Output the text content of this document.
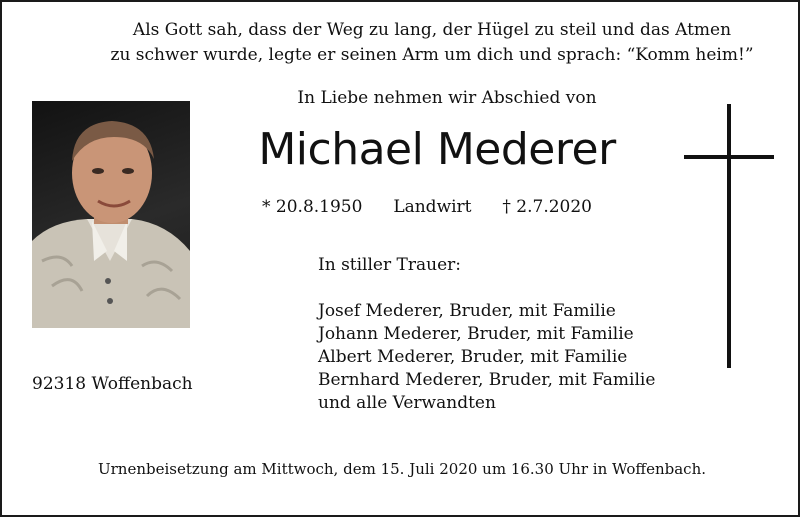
Als Gott sah, dass der Weg zu lang, der Hügel zu steil und das Atmen
zu schwer wurde, legte er seinen Arm um dich und sprach: “Komm heim!”
In Liebe nehmen wir Abschied von
Michael Mederer
* 20.8.1950 Landwirt † 2.7.2020
92318 Woffenbach
In stiller Trauer:
Josef Mederer, Bruder, mit Familie
Johann Mederer, Bruder, mit Familie
Albert Mederer, Bruder, mit Familie
Bernhard Mederer, Bruder, mit Familie
und alle Verwandten
Urnenbeisetzung am Mittwoch, dem 15. Juli 2020 um 16.30 Uhr in Woffenbach.
